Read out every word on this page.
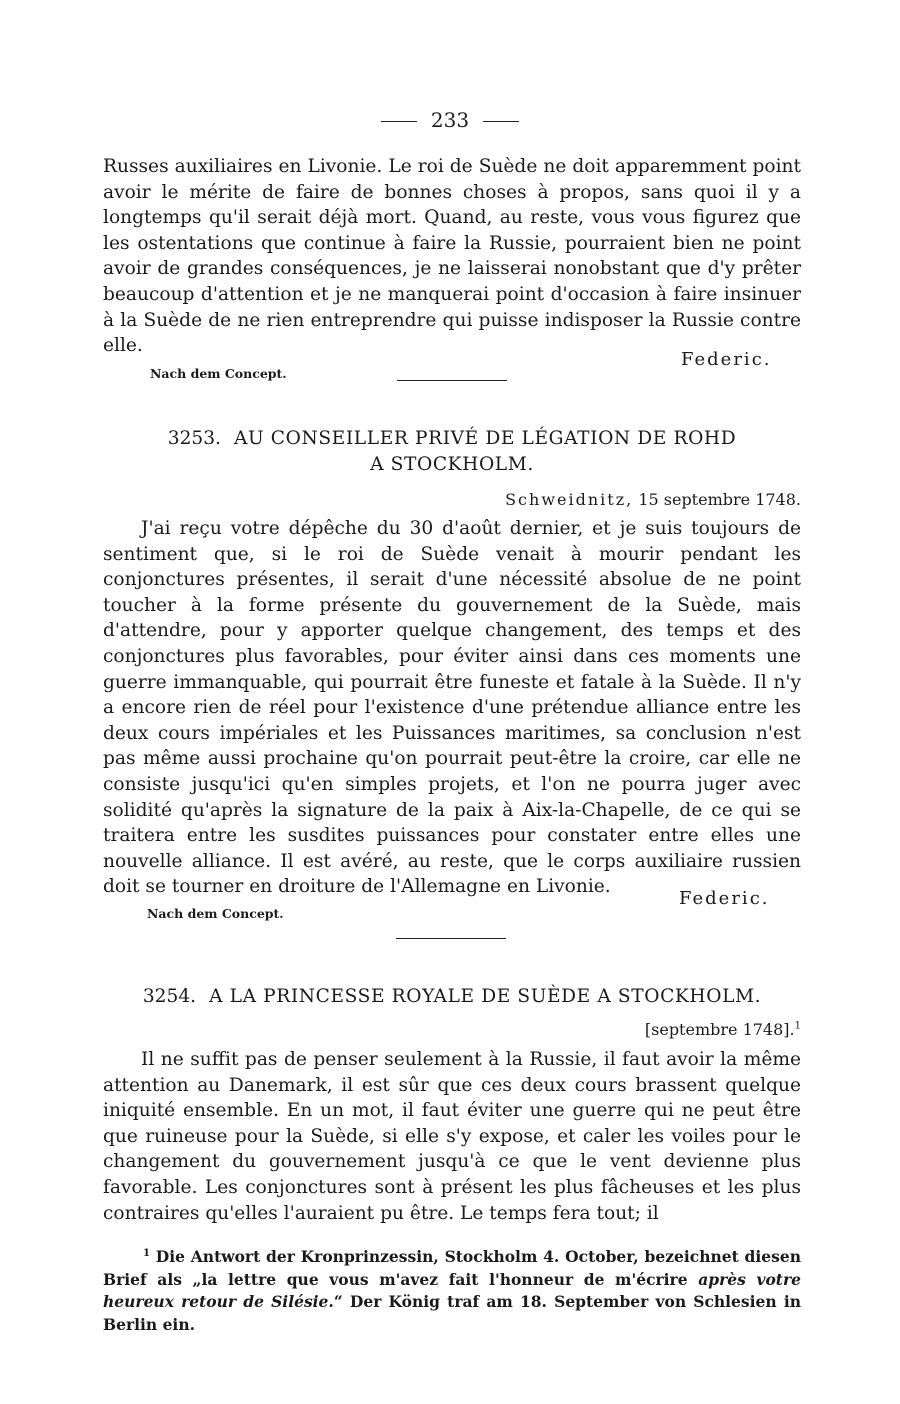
233

Russes auxiliaires en Livonie. Le roi de Suède ne doit apparemment point avoir le mérite de faire de bonnes choses à propos, sans quoi il y a longtemps qu'il serait déjà mort. Quand, au reste, vous vous figurez que les ostentations que continue à faire la Russie, pourraient bien ne point avoir de grandes conséquences, je ne laisserai nonobstant que d'y prêter beaucoup d'attention et je ne manquerai point d'occasion à faire insinuer à la Suède de ne rien entreprendre qui puisse indisposer la Russie contre elle.

Federic.
Nach dem Concept.
3253. AU CONSEILLER PRIVÉ DE LÉGATION DE ROHD
A STOCKHOLM.
Schweidnitz, 15 septembre 1748.

J'ai reçu votre dépêche du 30 d'août dernier, et je suis toujours de sentiment que, si le roi de Suède venait à mourir pendant les conjonctures présentes, il serait d'une nécessité absolue de ne point toucher à la forme présente du gouvernement de la Suède, mais d'attendre, pour y apporter quelque changement, des temps et des conjonctures plus favorables, pour éviter ainsi dans ces moments une guerre immanquable, qui pourrait être funeste et fatale à la Suède. Il n'y a encore rien de réel pour l'existence d'une prétendue alliance entre les deux cours impériales et les Puissances maritimes, sa conclusion n'est pas même aussi prochaine qu'on pourrait peut-être la croire, car elle ne consiste jusqu'ici qu'en simples projets, et l'on ne pourra juger avec solidité qu'après la signature de la paix à Aix-la-Chapelle, de ce qui se traitera entre les susdites puissances pour constater entre elles une nouvelle alliance. Il est avéré, au reste, que le corps auxiliaire russien doit se tourner en droiture de l'Allemagne en Livonie.

Federic.
Nach dem Concept.
3254. A LA PRINCESSE ROYALE DE SUÈDE A STOCKHOLM.
[septembre 1748].$^1$

Il ne suffit pas de penser seulement à la Russie, il faut avoir la même attention au Danemark, il est sûr que ces deux cours brassent quelque iniquité ensemble. En un mot, il faut éviter une guerre qui ne peut être que ruineuse pour la Suède, si elle s'y expose, et caler les voiles pour le changement du gouvernement jusqu'à ce que le vent devienne plus favorable. Les conjonctures sont à présent les plus fâcheuses et les plus contraires qu'elles l'auraient pu être. Le temps fera tout; il

$^1$ Die Antwort der Kronprinzessin, Stockholm 4. October, bezeichnet diesen Brief als „la lettre que vous m'avez fait l'honneur de m'écrire après votre heureux retour de Silésie.“ Der König traf am 18. September von Schlesien in Berlin ein.
